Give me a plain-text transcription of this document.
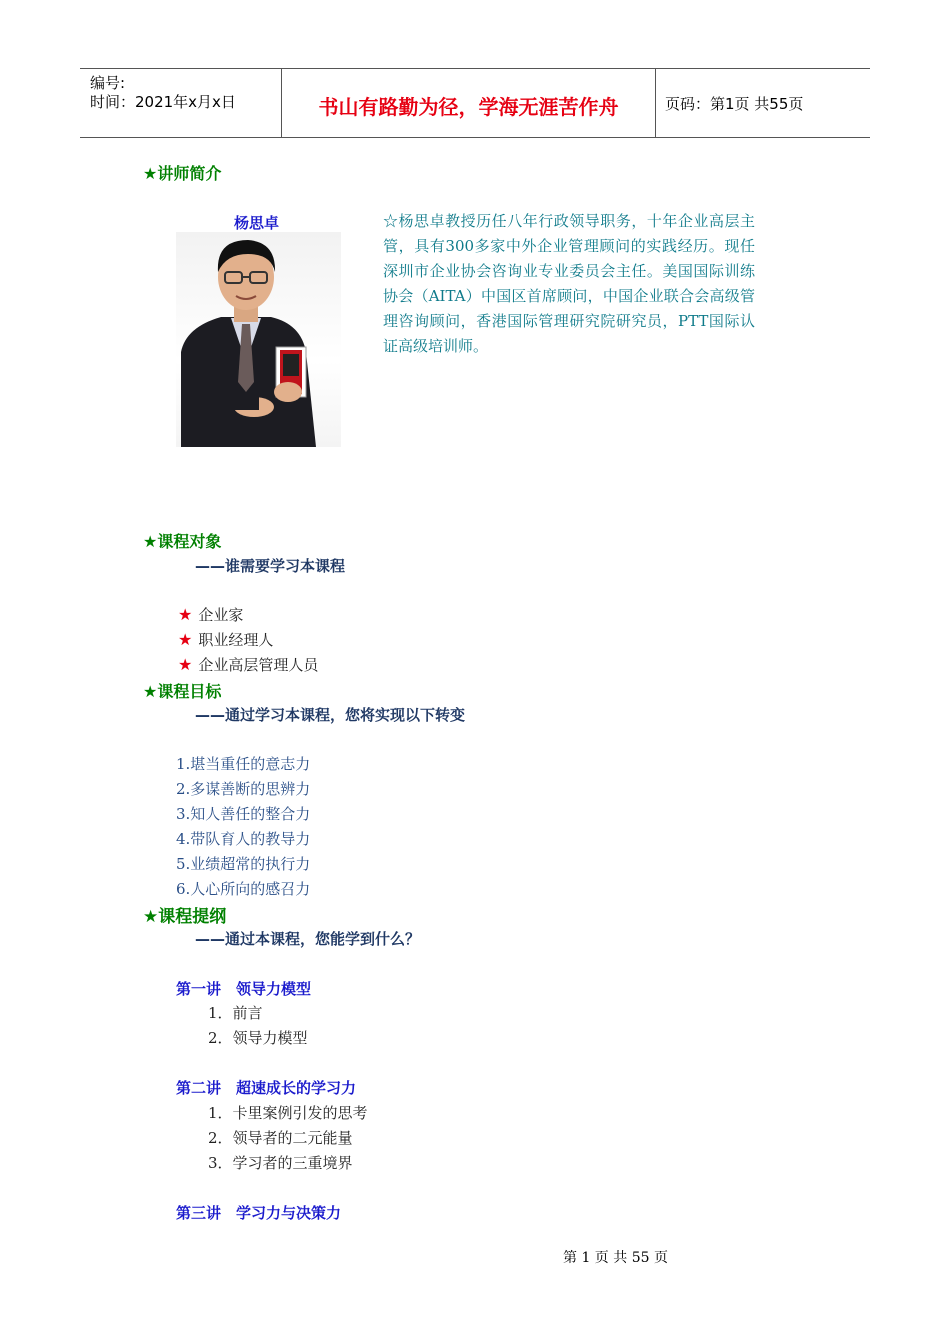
编号:
时间：2021年x月x日	书山有路勤为径，学海无涯苦作舟	页码：第1页 共55页
★讲师简介
杨思卓	☆杨思卓教授历任八年行政领导职务，十年企业高层主管，具有300多家中外企业管理顾问的实践经历。现任深圳市企业协会咨询业专业委员会主任。美国国际训练协会（AITA）中国区首席顾问，中国企业联合会高级管理咨询顾问，香港国际管理研究院研究员，PTT国际认证高级培训师。
★课程对象
——谁需要学习本课程
★ 企业家
★ 职业经理人
★ 企业高层管理人员
★课程目标
——通过学习本课程，您将实现以下转变
1.堪当重任的意志力
2.多谋善断的思辨力
3.知人善任的整合力
4.带队育人的教导力
5.业绩超常的执行力
6.人心所向的感召力
★课程提纲
——通过本课程，您能学到什么？
第一讲　领导力模型
1．前言
2．领导力模型
第二讲　超速成长的学习力
1．卡里案例引发的思考
2．领导者的二元能量
3．学习者的三重境界
第三讲　学习力与决策力
第 1 页 共 55 页
